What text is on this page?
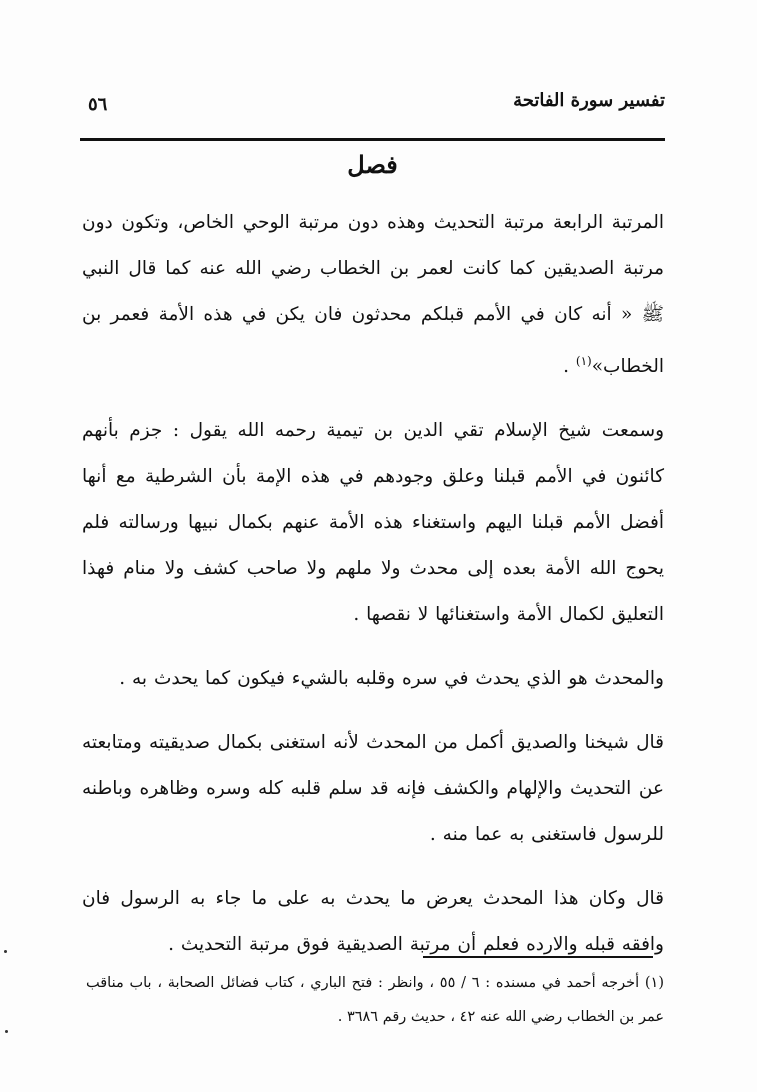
تفسير سورة الفاتحة
٥٦
فصل

المرتبة الرابعة مرتبة التحديث وهذه دون مرتبة الوحي الخاص، وتكون دون مرتبة الصديقين كما كانت لعمر بن الخطاب رضي الله عنه كما قال النبي ﷺ « أنه كان في الأمم قبلكم محدثون فان يكن في هذه الأمة فعمر بن الخطاب»$^{(١)}$ .

وسمعت شيخ الإسلام تقي الدين بن تيمية رحمه الله يقول : جزم بأنهم كائنون في الأمم قبلنا وعلق وجودهم في هذه الإمة بأن الشرطية مع أنها أفضل الأمم قبلنا اليهم واستغناء هذه الأمة عنهم بكمال نبيها ورسالته فلم يحوج الله الأمة بعده إلى محدث ولا ملهم ولا صاحب كشف ولا منام فهذا التعليق لكمال الأمة واستغنائها لا نقصها .

والمحدث هو الذي يحدث في سره وقلبه بالشيء فيكون كما يحدث به .

قال شيخنا والصديق أكمل من المحدث لأنه استغنى بكمال صديقيته ومتابعته عن التحديث والإلهام والكشف فإنه قد سلم قلبه كله وسره وظاهره وباطنه للرسول فاستغنى به عما منه .

قال وكان هذا المحدث يعرض ما يحدث به على ما جاء به الرسول فان وافقه قبله والارده فعلم أن مرتبة الصديقية فوق مرتبة التحديث .

(١) أخرجه أحمد في مسنده : ٦ / ٥٥ ، وانظر : فتح الباري ، كتاب فضائل الصحابة ، باب مناقب عمر بن الخطاب رضي الله عنه ٤٢ ، حديث رقم ٣٦٨٦ .
